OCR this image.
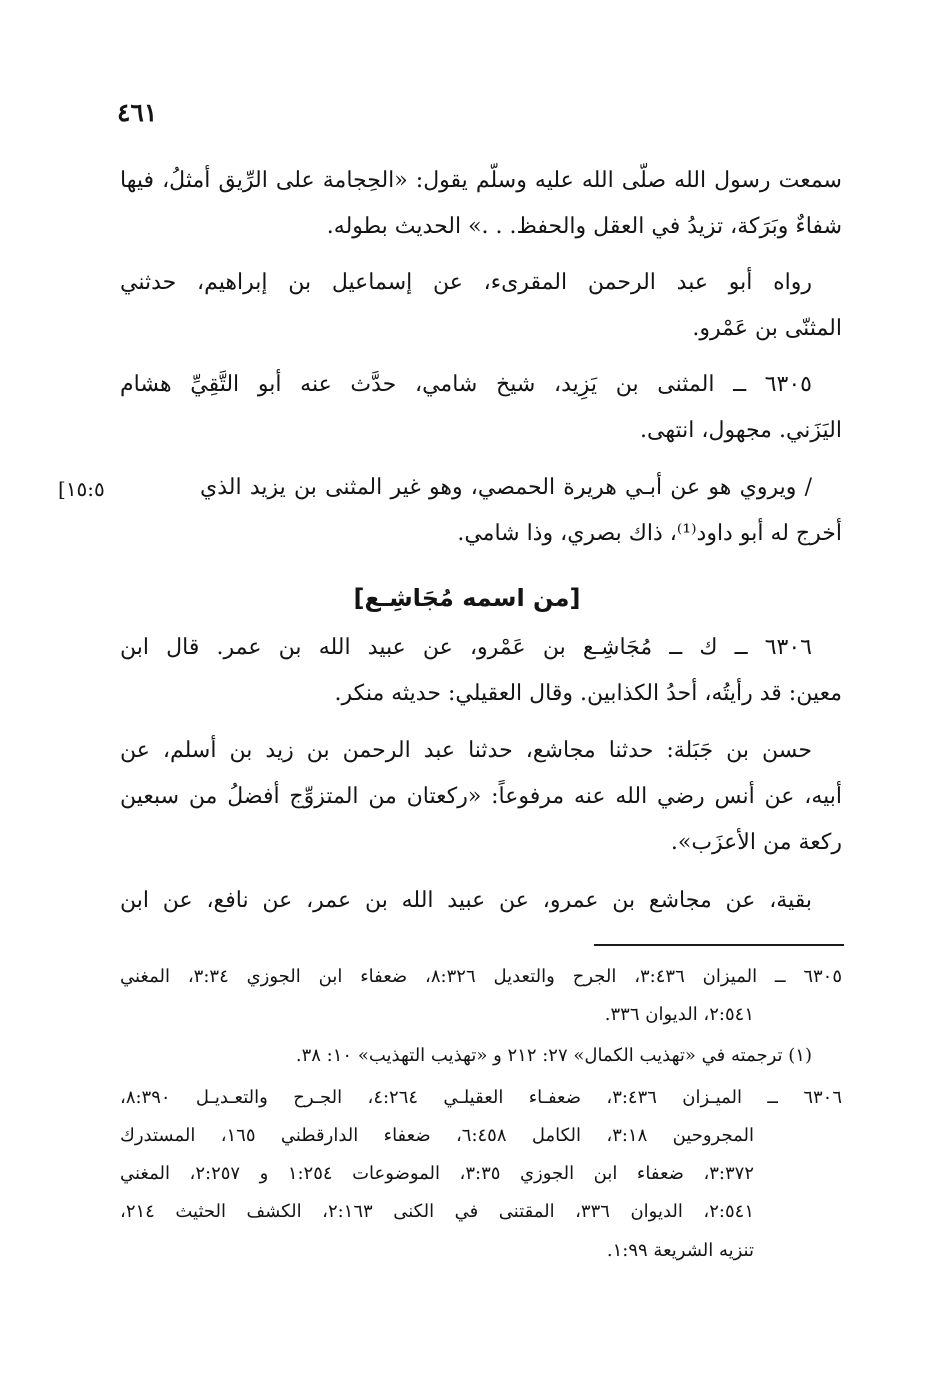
٤٦١
سمعت رسول الله صلّى الله عليه وسلّم يقول: «الحِجامة على الرِّيق أمثلُ، فيها
شفاءٌ وبَرَكة، تزيدُ في العقل والحفظ. . .» الحديث بطوله.
رواه أبو عبد الرحمن المقرىء، عن إسماعيل بن إبراهيم، حدثني
المثنّى بن عَمْرو.
٦٣٠٥ ــ المثنى بن يَزِيد، شيخ شامي، حدَّث عنه أبو التَّقِيِّ هشام
اليَزَني. مجهول، انتهى.
[١٥:٥	/ ويروي هو عن أبـي هريرة الحمصي، وهو غير المثنى بن يزيد الذي
أخرج له أبو داود⁽¹⁾، ذاك بصري، وذا شامي.
[من اسمه مُجَاشِـع]
٦٣٠٦ ــ ك ــ مُجَاشِـع بن عَمْرو، عن عبيد الله بن عمر. قال ابن
معين: قد رأيتُه، أحدُ الكذابين. وقال العقيلي: حديثه منكر.
حسن بن جَبَلة: حدثنا مجاشع، حدثنا عبد الرحمن بن زيد بن أسلم، عن
أبيه، عن أنس رضي الله عنه مرفوعاً: «ركعتان من المتزوِّج أفضلُ من سبعين
ركعة من الأعزَب».
بقية، عن مجاشع بن عمرو، عن عبيد الله بن عمر، عن نافع، عن ابن
٦٣٠٥ ــ الميزان ٣:٤٣٦، الجرح والتعديل ٨:٣٢٦، ضعفاء ابن الجوزي ٣:٣٤، المغني
٢:٥٤١، الديوان ٣٣٦.
(١) ترجمته في «تهذيب الكمال» ٢٧: ٢١٢ و «تهذيب التهذيب» ١٠: ٣٨.
٦٣٠٦ ــ الميـزان ٣:٤٣٦، ضعفـاء العقيلـي ٤:٢٦٤، الجـرح والتعـديـل ٨:٣٩٠،
المجروحين ٣:١٨، الكامل ٦:٤٥٨، ضعفاء الدارقطني ١٦٥، المستدرك
٣:٣٧٢، ضعفاء ابن الجوزي ٣:٣٥، الموضوعات ١:٢٥٤ و ٢:٢٥٧، المغني
٢:٥٤١، الديوان ٣٣٦، المقتنى في الكنى ٢:١٦٣، الكشف الحثيث ٢١٤،
تنزيه الشريعة ١:٩٩.
